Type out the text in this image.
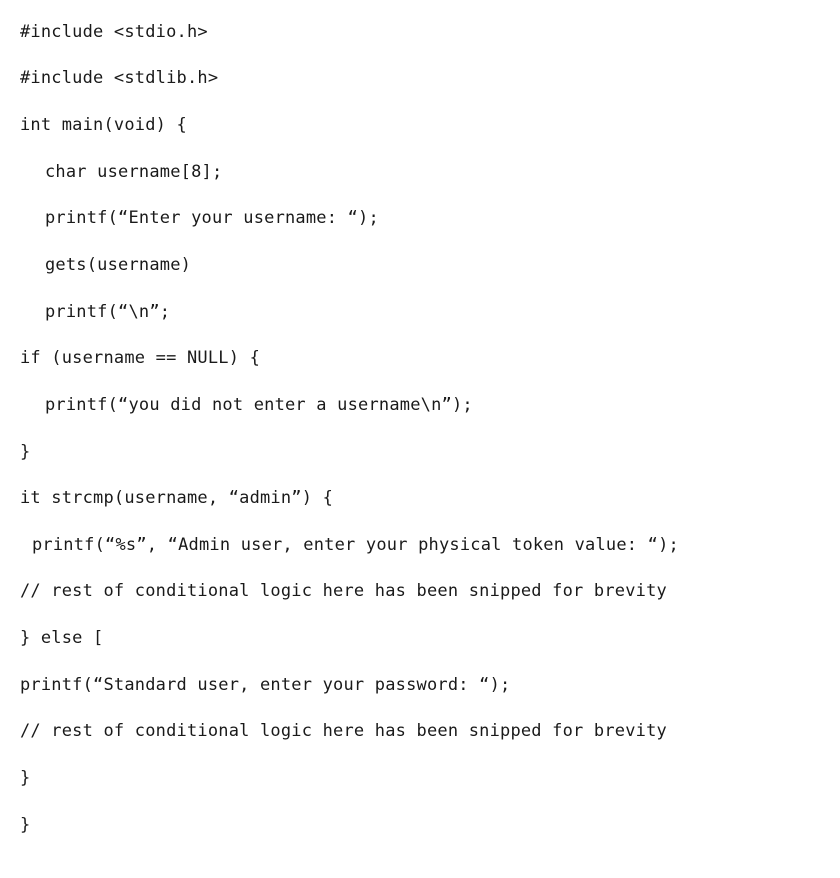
#include <stdio.h>
#include <stdlib.h>
int main(void) {
char username[8];
printf(“Enter your username: “);
gets(username)
printf(“\n”;
if (username == NULL) {
printf(“you did not enter a username\n”);
}
it strcmp(username, “admin”) {
printf(“%s”, “Admin user, enter your physical token value: “);
// rest of conditional logic here has been snipped for brevity
} else [
printf(“Standard user, enter your password: “);
// rest of conditional logic here has been snipped for brevity
}
}
